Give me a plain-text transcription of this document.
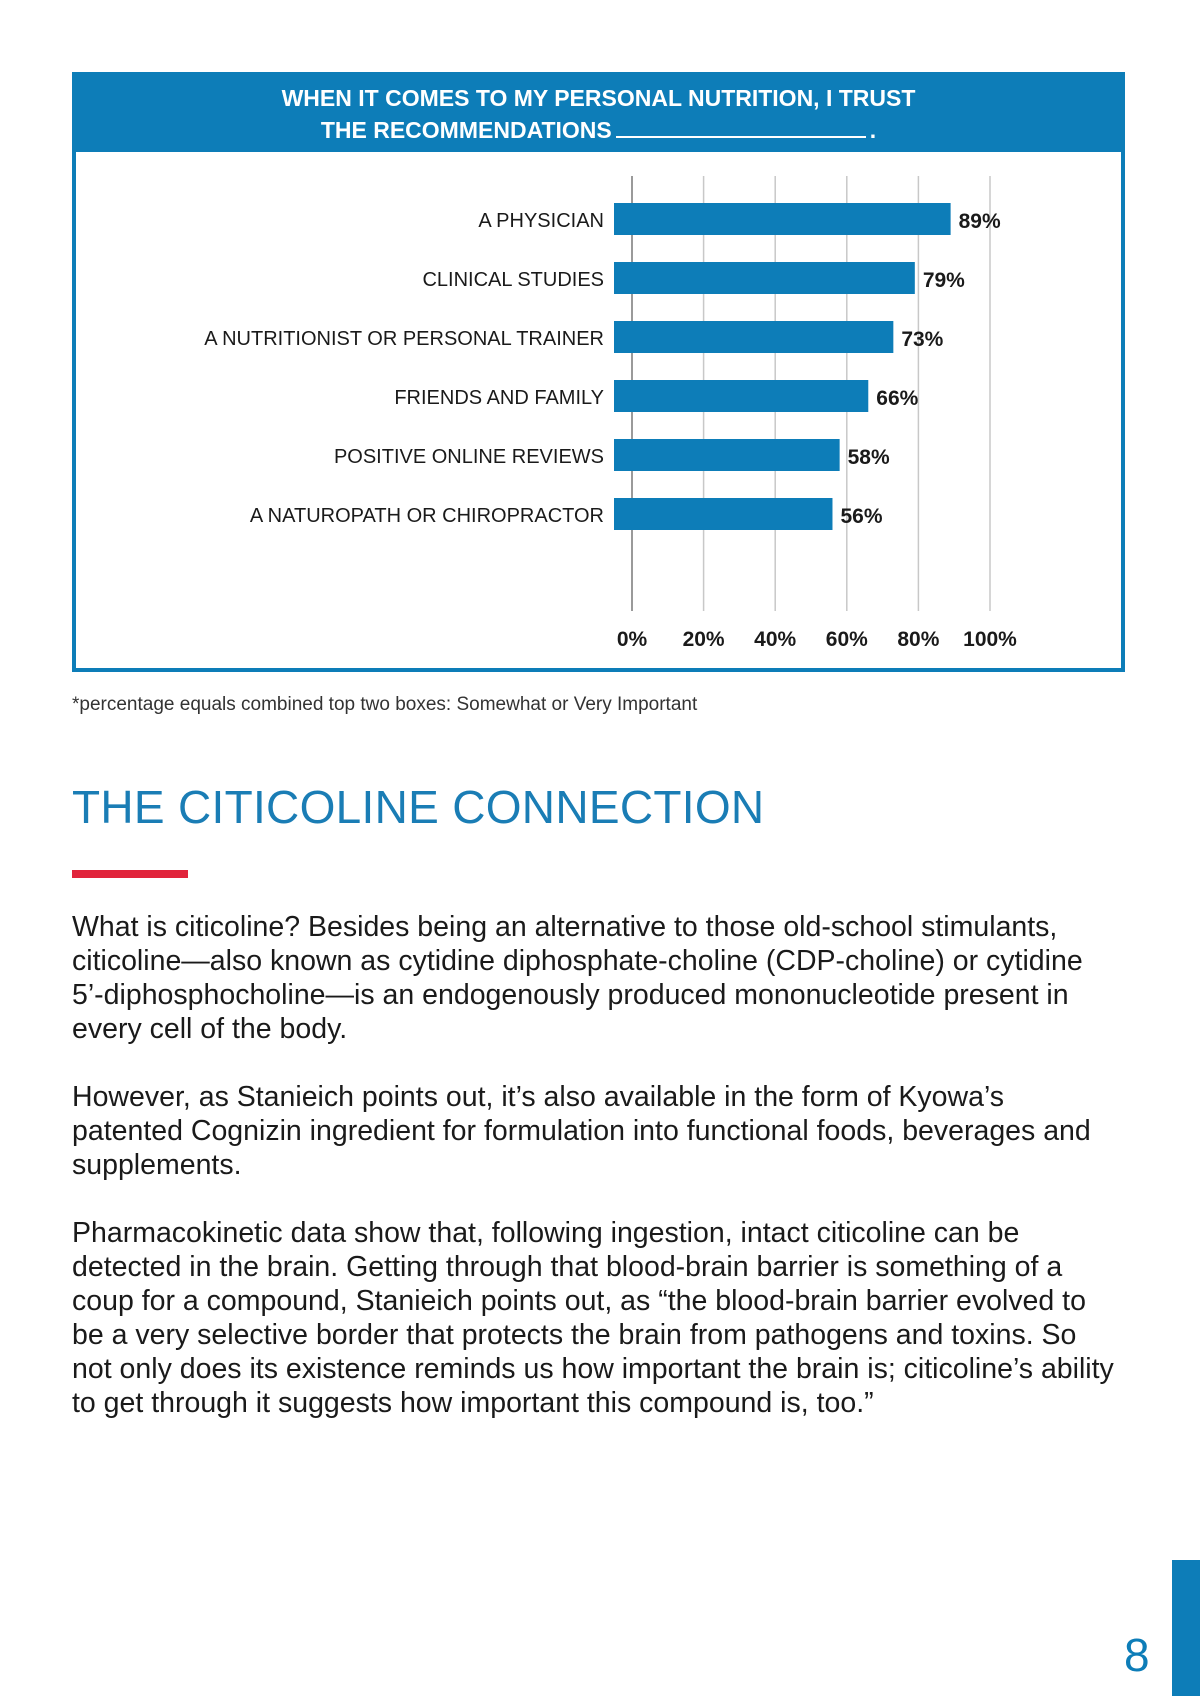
WHEN IT COMES TO MY PERSONAL NUTRITION, I TRUST
THE RECOMMENDATIONS	.
A PHYSICIAN	89%
CLINICAL STUDIES	79%
A NUTRITIONIST OR PERSONAL TRAINER	73%
FRIENDS AND FAMILY	66%
POSITIVE ONLINE REVIEWS	58%
A NATUROPATH OR CHIROPRACTOR	56%
0% 20% 40% 60% 80% 100%
*percentage equals combined top two boxes: Somewhat or Very Important
THE CITICOLINE CONNECTION

What is citicoline? Besides being an alternative to those old-school stimulants, citicoline—also known as cytidine diphosphate-choline (CDP-choline) or cytidine 5’-diphosphocholine—is an endogenously produced mononucleotide present in every cell of the body.

However, as Stanieich points out, it’s also available in the form of Kyowa’s patented Cognizin ingredient for formulation into functional foods, beverages and supplements.

Pharmacokinetic data show that, following ingestion, intact citicoline can be detected in the brain. Getting through that blood-brain barrier is something of a coup for a compound, Stanieich points out, as “the blood-brain barrier evolved to be a very selective border that protects the brain from pathogens and toxins. So not only does its existence reminds us how important the brain is; citicoline’s ability to get through it suggests how important this compound is, too.”

8
